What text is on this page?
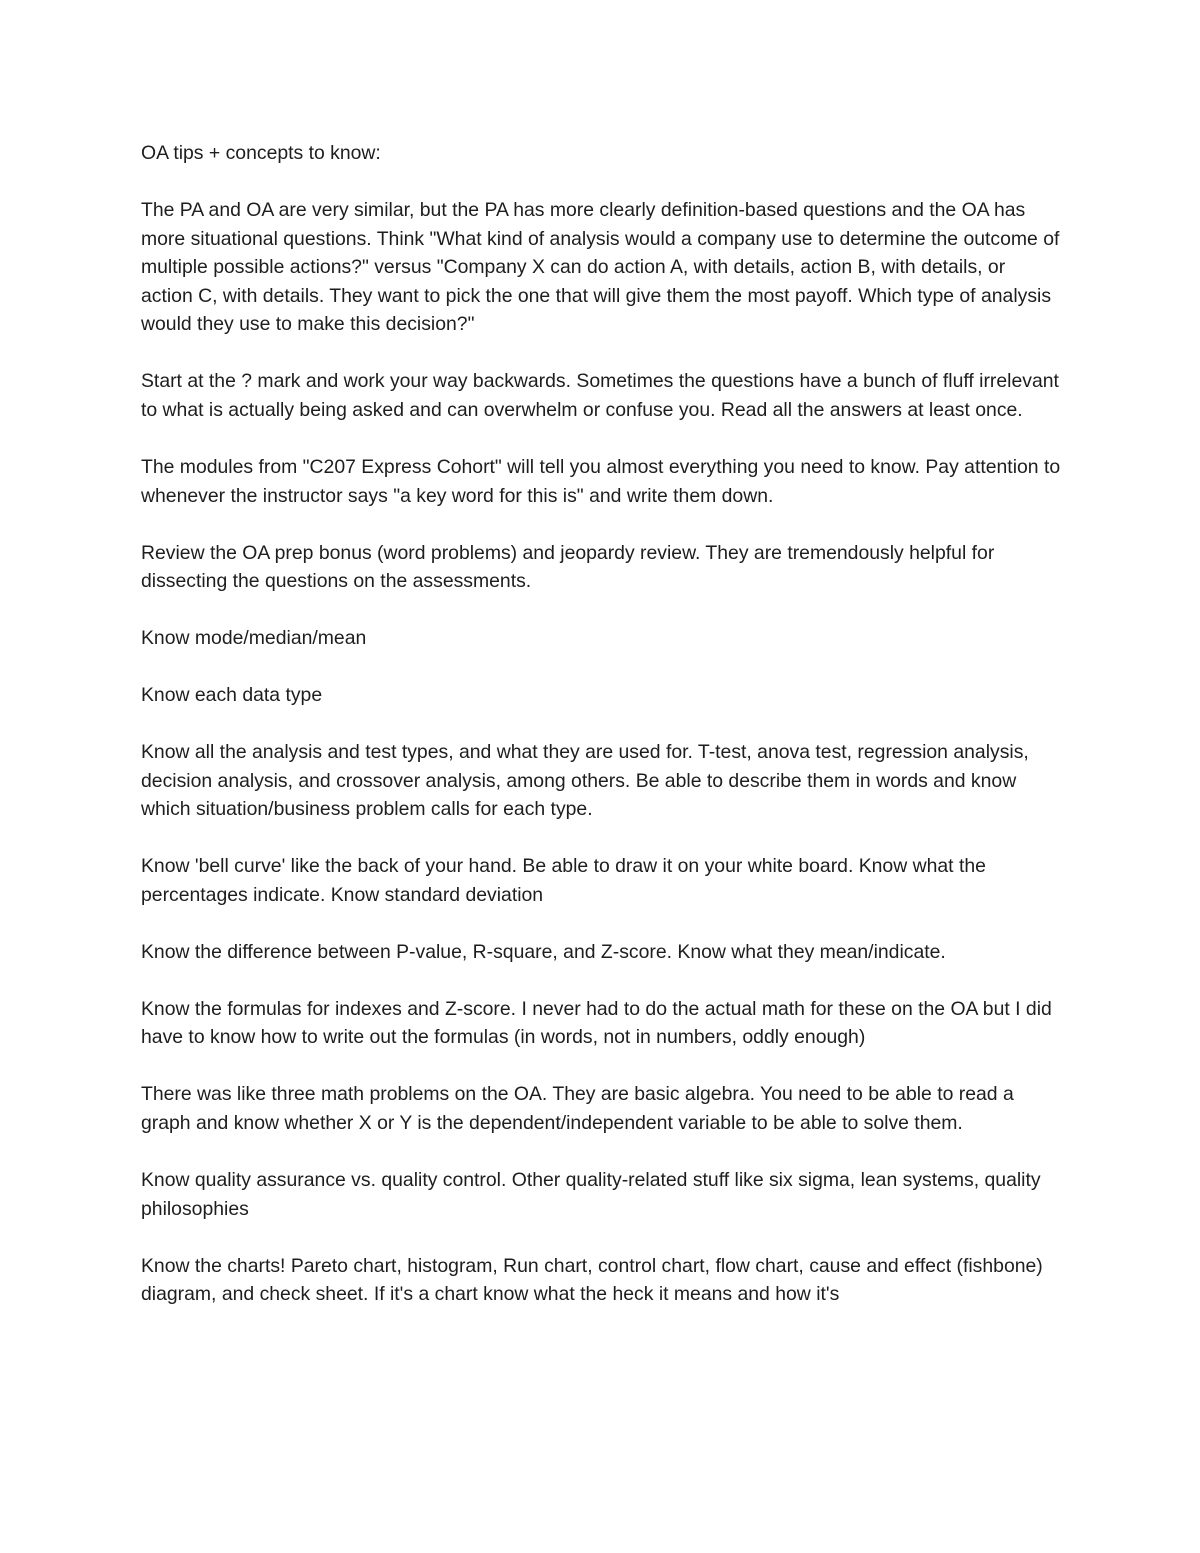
OA tips + concepts to know:

The PA and OA are very similar, but the PA has more clearly definition-based questions and the OA has more situational questions. Think "What kind of analysis would a company use to determine the outcome of multiple possible actions?" versus "Company X can do action A, with details, action B, with details, or action C, with details. They want to pick the one that will give them the most payoff. Which type of analysis would they use to make this decision?"

Start at the ? mark and work your way backwards. Sometimes the questions have a bunch of fluff irrelevant to what is actually being asked and can overwhelm or confuse you. Read all the answers at least once.

The modules from "C207 Express Cohort" will tell you almost everything you need to know. Pay attention to whenever the instructor says "a key word for this is" and write them down.

Review the OA prep bonus (word problems) and jeopardy review. They are tremendously helpful for dissecting the questions on the assessments.

Know mode/median/mean

Know each data type

Know all the analysis and test types, and what they are used for. T-test, anova test, regression analysis, decision analysis, and crossover analysis, among others. Be able to describe them in words and know which situation/business problem calls for each type.

Know 'bell curve' like the back of your hand. Be able to draw it on your white board. Know what the percentages indicate. Know standard deviation

Know the difference between P-value, R-square, and Z-score. Know what they mean/indicate.

Know the formulas for indexes and Z-score. I never had to do the actual math for these on the OA but I did have to know how to write out the formulas (in words, not in numbers, oddly enough)

There was like three math problems on the OA. They are basic algebra. You need to be able to read a graph and know whether X or Y is the dependent/independent variable to be able to solve them.

Know quality assurance vs. quality control. Other quality-related stuff like six sigma, lean systems, quality philosophies

Know the charts! Pareto chart, histogram, Run chart, control chart, flow chart, cause and effect (fishbone) diagram, and check sheet. If it's a chart know what the heck it means and how it's
